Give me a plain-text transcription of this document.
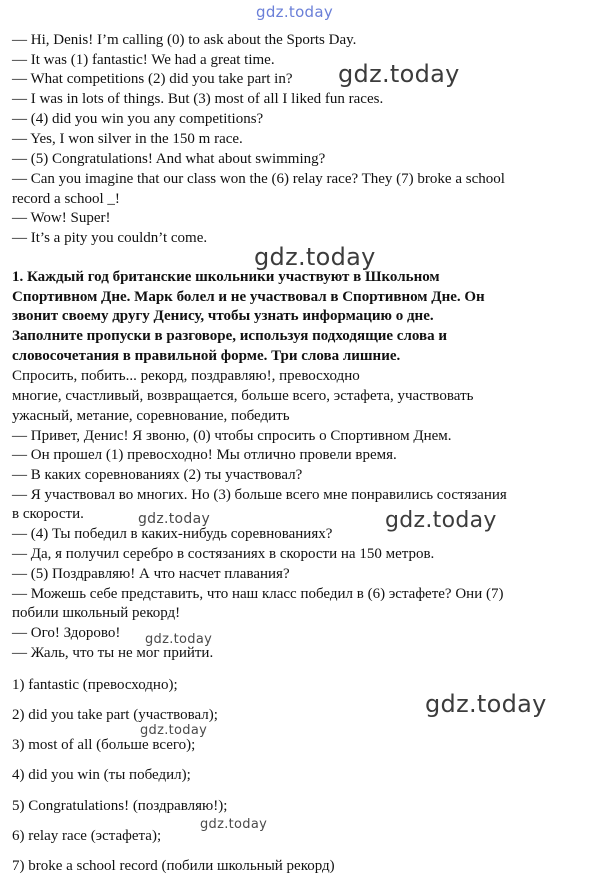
— Hi, Denis! I’m calling (0) to ask about the Sports Day.
— It was (1) fantastic! We had a great time.
— What competitions (2) did you take part in?
— I was in lots of things. But (3) most of all I liked fun races.
— (4) did you win you any competitions?
— Yes, I won silver in the 150 m race.
— (5) Congratulations! And what about swimming?
— Can you imagine that our class won the (6) relay race? They (7) broke a school
record a school _!
— Wow! Super!
— It’s a pity you couldn’t come.
1. Каждый год британские школьники участвуют в Школьном
Спортивном Дне. Марк болел и не участвовал в Спортивном Дне. Он
звонит своему другу Денису, чтобы узнать информацию о дне.
Заполните пропуски в разговоре, используя подходящие слова и
словосочетания в правильной форме. Три слова лишние.
Спросить, побить... рекорд, поздравляю!, превосходно
многие, счастливый, возвращается, больше всего, эстафета, участвовать
ужасный, метание, соревнование, победить
— Привет, Денис! Я звоню, (0) чтобы спросить о Спортивном Днем.
— Он прошел (1) превосходно! Мы отлично провели время.
— В каких соревнованиях (2) ты участвовал?
— Я участвовал во многих. Но (3) больше всего мне понравились состязания
в скорости.
— (4) Ты победил в каких-нибудь соревнованиях?
— Да, я получил серебро в состязаниях в скорости на 150 метров.
— (5) Поздравляю! А что насчет плавания?
— Можешь себе представить, что наш класс победил в (6) эстафете? Они (7)
побили школьный рекорд!
— Ого! Здорово!
— Жаль, что ты не мог прийти.
1) fantastic (превосходно);
2) did you take part (участвовал);
3) most of all (больше всего);
4) did you win (ты победил);
5) Congratulations! (поздравляю!);
6) relay race (эстафета);
7) broke a school record (побили школьный рекорд)
gdz.today
gdz.today
gdz.today
gdz.today	gdz.today
gdz.today
gdz.today
gdz.today
gdz.today
